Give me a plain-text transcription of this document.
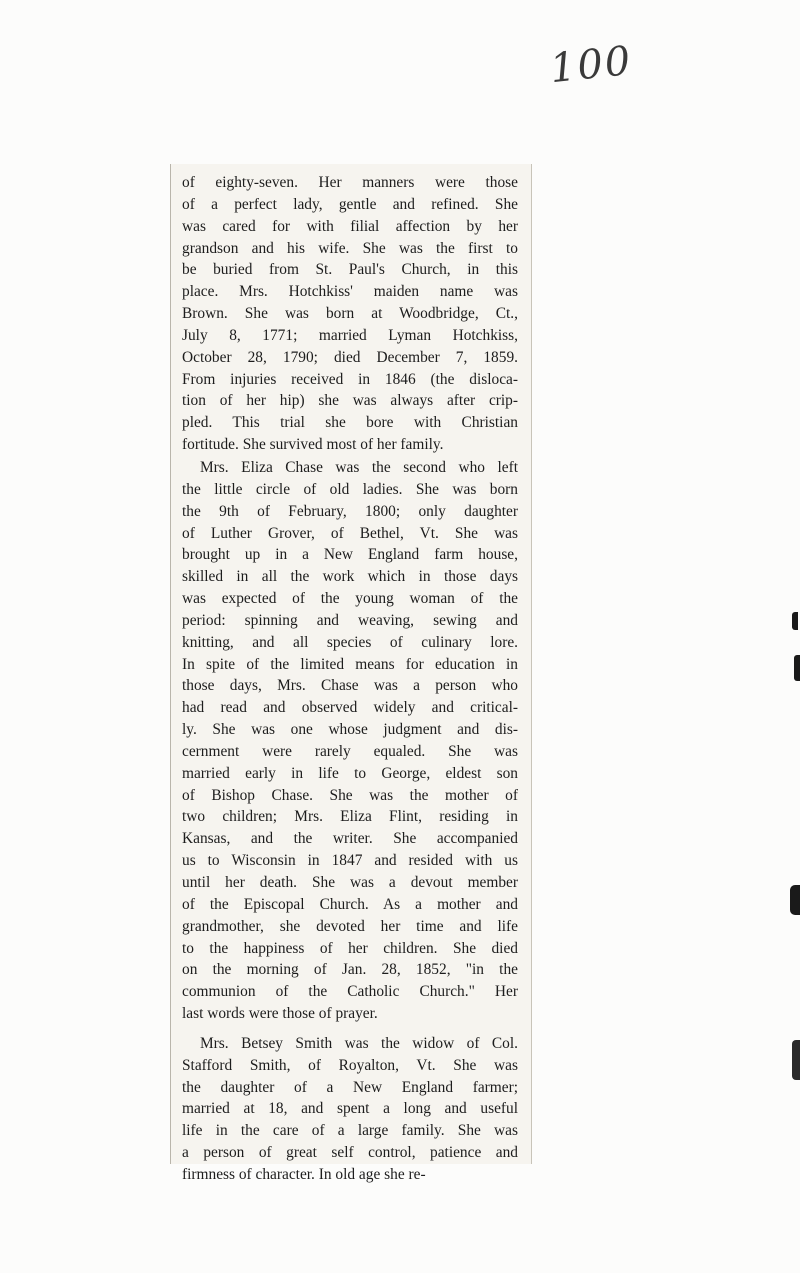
100

of eighty-seven. Her manners were those
of a perfect lady, gentle and refined. She
was cared for with filial affection by her
grandson and his wife. She was the first to
be buried from St. Paul's Church, in this
place. Mrs. Hotchkiss' maiden name was
Brown. She was born at Woodbridge, Ct.,
July 8, 1771; married Lyman Hotchkiss,
October 28, 1790; died December 7, 1859.
From injuries received in 1846 (the disloca-
tion of her hip) she was always after crip-
pled. This trial she bore with Christian
fortitude. She survived most of her family.

Mrs. Eliza Chase was the second who left
the little circle of old ladies. She was born
the 9th of February, 1800; only daughter
of Luther Grover, of Bethel, Vt. She was
brought up in a New England farm house,
skilled in all the work which in those days
was expected of the young woman of the
period: spinning and weaving, sewing and
knitting, and all species of culinary lore.
In spite of the limited means for education in
those days, Mrs. Chase was a person who
had read and observed widely and critical-
ly. She was one whose judgment and dis-
cernment were rarely equaled. She was
married early in life to George, eldest son
of Bishop Chase. She was the mother of
two children; Mrs. Eliza Flint, residing in
Kansas, and the writer. She accompanied
us to Wisconsin in 1847 and resided with us
until her death. She was a devout member
of the Episcopal Church. As a mother and
grandmother, she devoted her time and life
to the happiness of her children. She died
on the morning of Jan. 28, 1852, "in the
communion of the Catholic Church." Her
last words were those of prayer.

Mrs. Betsey Smith was the widow of Col.
Stafford Smith, of Royalton, Vt. She was
the daughter of a New England farmer;
married at 18, and spent a long and useful
life in the care of a large family. She was
a person of great self control, patience and
firmness of character. In old age she re-
